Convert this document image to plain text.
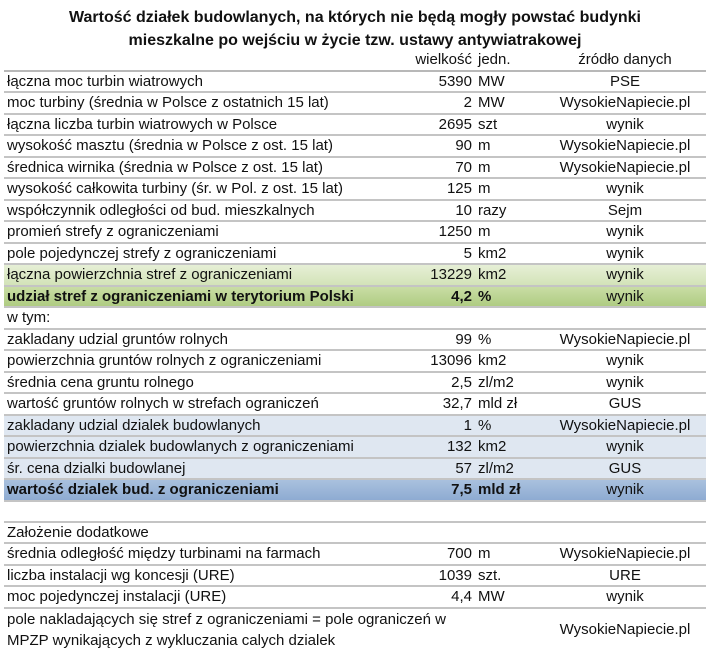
Wartość działek budowlanych, na których nie będą mogły powstać budynki
mieszkalne po wejściu w życie tzw. ustawy antywiatrakowej
	wielkość	jedn.	źródło danych
łączna moc turbin wiatrowych	5390	MW	PSE
moc turbiny (średnia w Polsce z ostatnich 15 lat)	2	MW	WysokieNapiecie.pl
łączna liczba turbin wiatrowych w Polsce	2695	szt	wynik
wysokość masztu (średnia w Polsce z ost. 15 lat)	90	m	WysokieNapiecie.pl
średnica wirnika (średnia w Polsce z ost. 15 lat)	70	m	WysokieNapiecie.pl
wysokość całkowita turbiny (śr. w Pol. z ost. 15 lat)	125	m	wynik
współczynnik odległości od bud. mieszkalnych	10	razy	Sejm
promień strefy z ograniczeniami	1250	m	wynik
pole pojedynczej strefy z ograniczeniami	5	km2	wynik
łączna powierzchnia stref z ograniczeniami	13229	km2	wynik
udział stref z ograniczeniami w terytorium Polski	4,2	%	wynik
w tym:			
zakladany udzial gruntów rolnych	99	%	WysokieNapiecie.pl
powierzchnia gruntów rolnych z ograniczeniami	13096	km2	wynik
średnia cena gruntu rolnego	2,5	zl/m2	wynik
wartość gruntów rolnych w strefach ograniczeń	32,7	mld zł	GUS
zakladany udzial dzialek budowlanych	1	%	WysokieNapiecie.pl
powierzchnia dzialek budowlanych z ograniczeniami	132	km2	wynik
śr. cena dzialki budowlanej	57	zl/m2	GUS
wartość dzialek bud. z ograniczeniami	7,5	mld zł	wynik

Założenie dodatkowe			
średnia odległość między turbinami na farmach	700	m	WysokieNapiecie.pl
liczba instalacji wg koncesji (URE)	1039	szt.	URE
moc pojedynczej instalacji (URE)	4,4	MW	wynik
pole nakladających się stref z ograniczeniami = pole ograniczeń w MPZP wynikających z wykluczania calych dzialek			WysokieNapiecie.pl
